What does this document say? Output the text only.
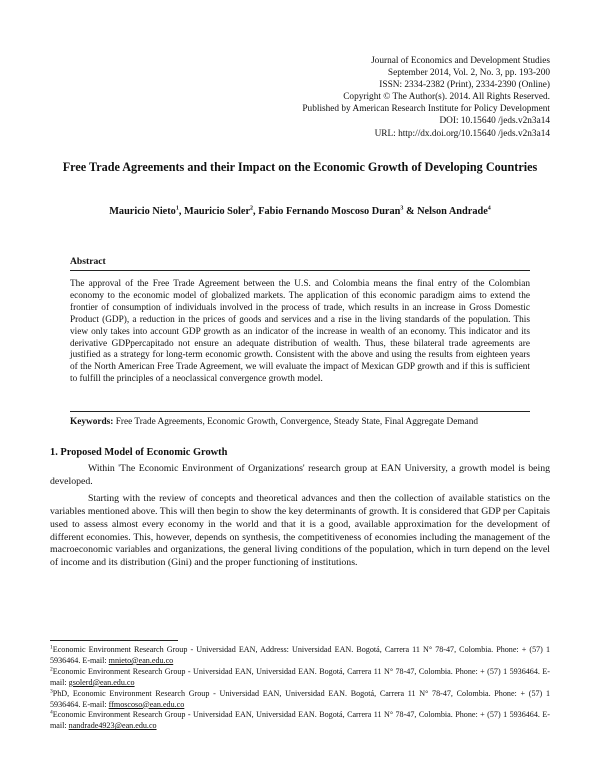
Journal of Economics and Development Studies
September 2014, Vol. 2, No. 3, pp. 193-200
ISSN: 2334-2382 (Print), 2334-2390 (Online)
Copyright © The Author(s). 2014. All Rights Reserved.
Published by American Research Institute for Policy Development
DOI: 10.15640 /jeds.v2n3a14
URL: http://dx.doi.org/10.15640 /jeds.v2n3a14
Free Trade Agreements and their Impact on the Economic Growth of Developing Countries
Mauricio Nieto$^1$, Mauricio Soler$^2$, Fabio Fernando Moscoso Duran$^3$ & Nelson Andrade$^4$
Abstract
The approval of the Free Trade Agreement between the U.S. and Colombia means the final entry of the Colombian economy to the economic model of globalized markets. The application of this economic paradigm aims to extend the frontier of consumption of individuals involved in the process of trade, which results in an increase in Gross Domestic Product (GDP), a reduction in the prices of goods and services and a rise in the living standards of the population. This view only takes into account GDP growth as an indicator of the increase in wealth of an economy. This indicator and its derivative GDPpercapitado not ensure an adequate distribution of wealth. Thus, these bilateral trade agreements are justified as a strategy for long-term economic growth. Consistent with the above and using the results from eighteen years of the North American Free Trade Agreement, we will evaluate the impact of Mexican GDP growth and if this is sufficient to fulfill the principles of a neoclassical convergence growth model.
Keywords: Free Trade Agreements, Economic Growth, Convergence, Steady State, Final Aggregate Demand
1. Proposed Model of Economic Growth

Within 'The Economic Environment of Organizations' research group at EAN University, a growth model is being developed.

Starting with the review of concepts and theoretical advances and then the collection of available statistics on the variables mentioned above. This will then begin to show the key determinants of growth. It is considered that GDP per Capitais used to assess almost every economy in the world and that it is a good, available approximation for the development of different economies. This, however, depends on synthesis, the competitiveness of economies including the management of the macroeconomic variables and organizations, the general living conditions of the population, which in turn depend on the level of income and its distribution (Gini) and the proper functioning of institutions.

$^1$Economic Environment Research Group - Universidad EAN, Address: Universidad EAN. Bogotá, Carrera 11 N° 78-47, Colombia. Phone: + (57) 1 5936464. E-mail: mnieto@ean.edu.co

$^2$Economic Environment Research Group - Universidad EAN, Universidad EAN. Bogotá, Carrera 11 N° 78-47, Colombia. Phone: + (57) 1 5936464. E-mail: gsolerd@ean.edu.co

$^3$PhD, Economic Environment Research Group - Universidad EAN, Universidad EAN. Bogotá, Carrera 11 N° 78-47, Colombia. Phone: + (57) 1 5936464. E-mail: ffmoscoso@ean.edu.co

$^4$Economic Environment Research Group - Universidad EAN, Universidad EAN. Bogotá, Carrera 11 N° 78-47, Colombia. Phone: + (57) 1 5936464. E-mail: nandrade4923@ean.edu.co
